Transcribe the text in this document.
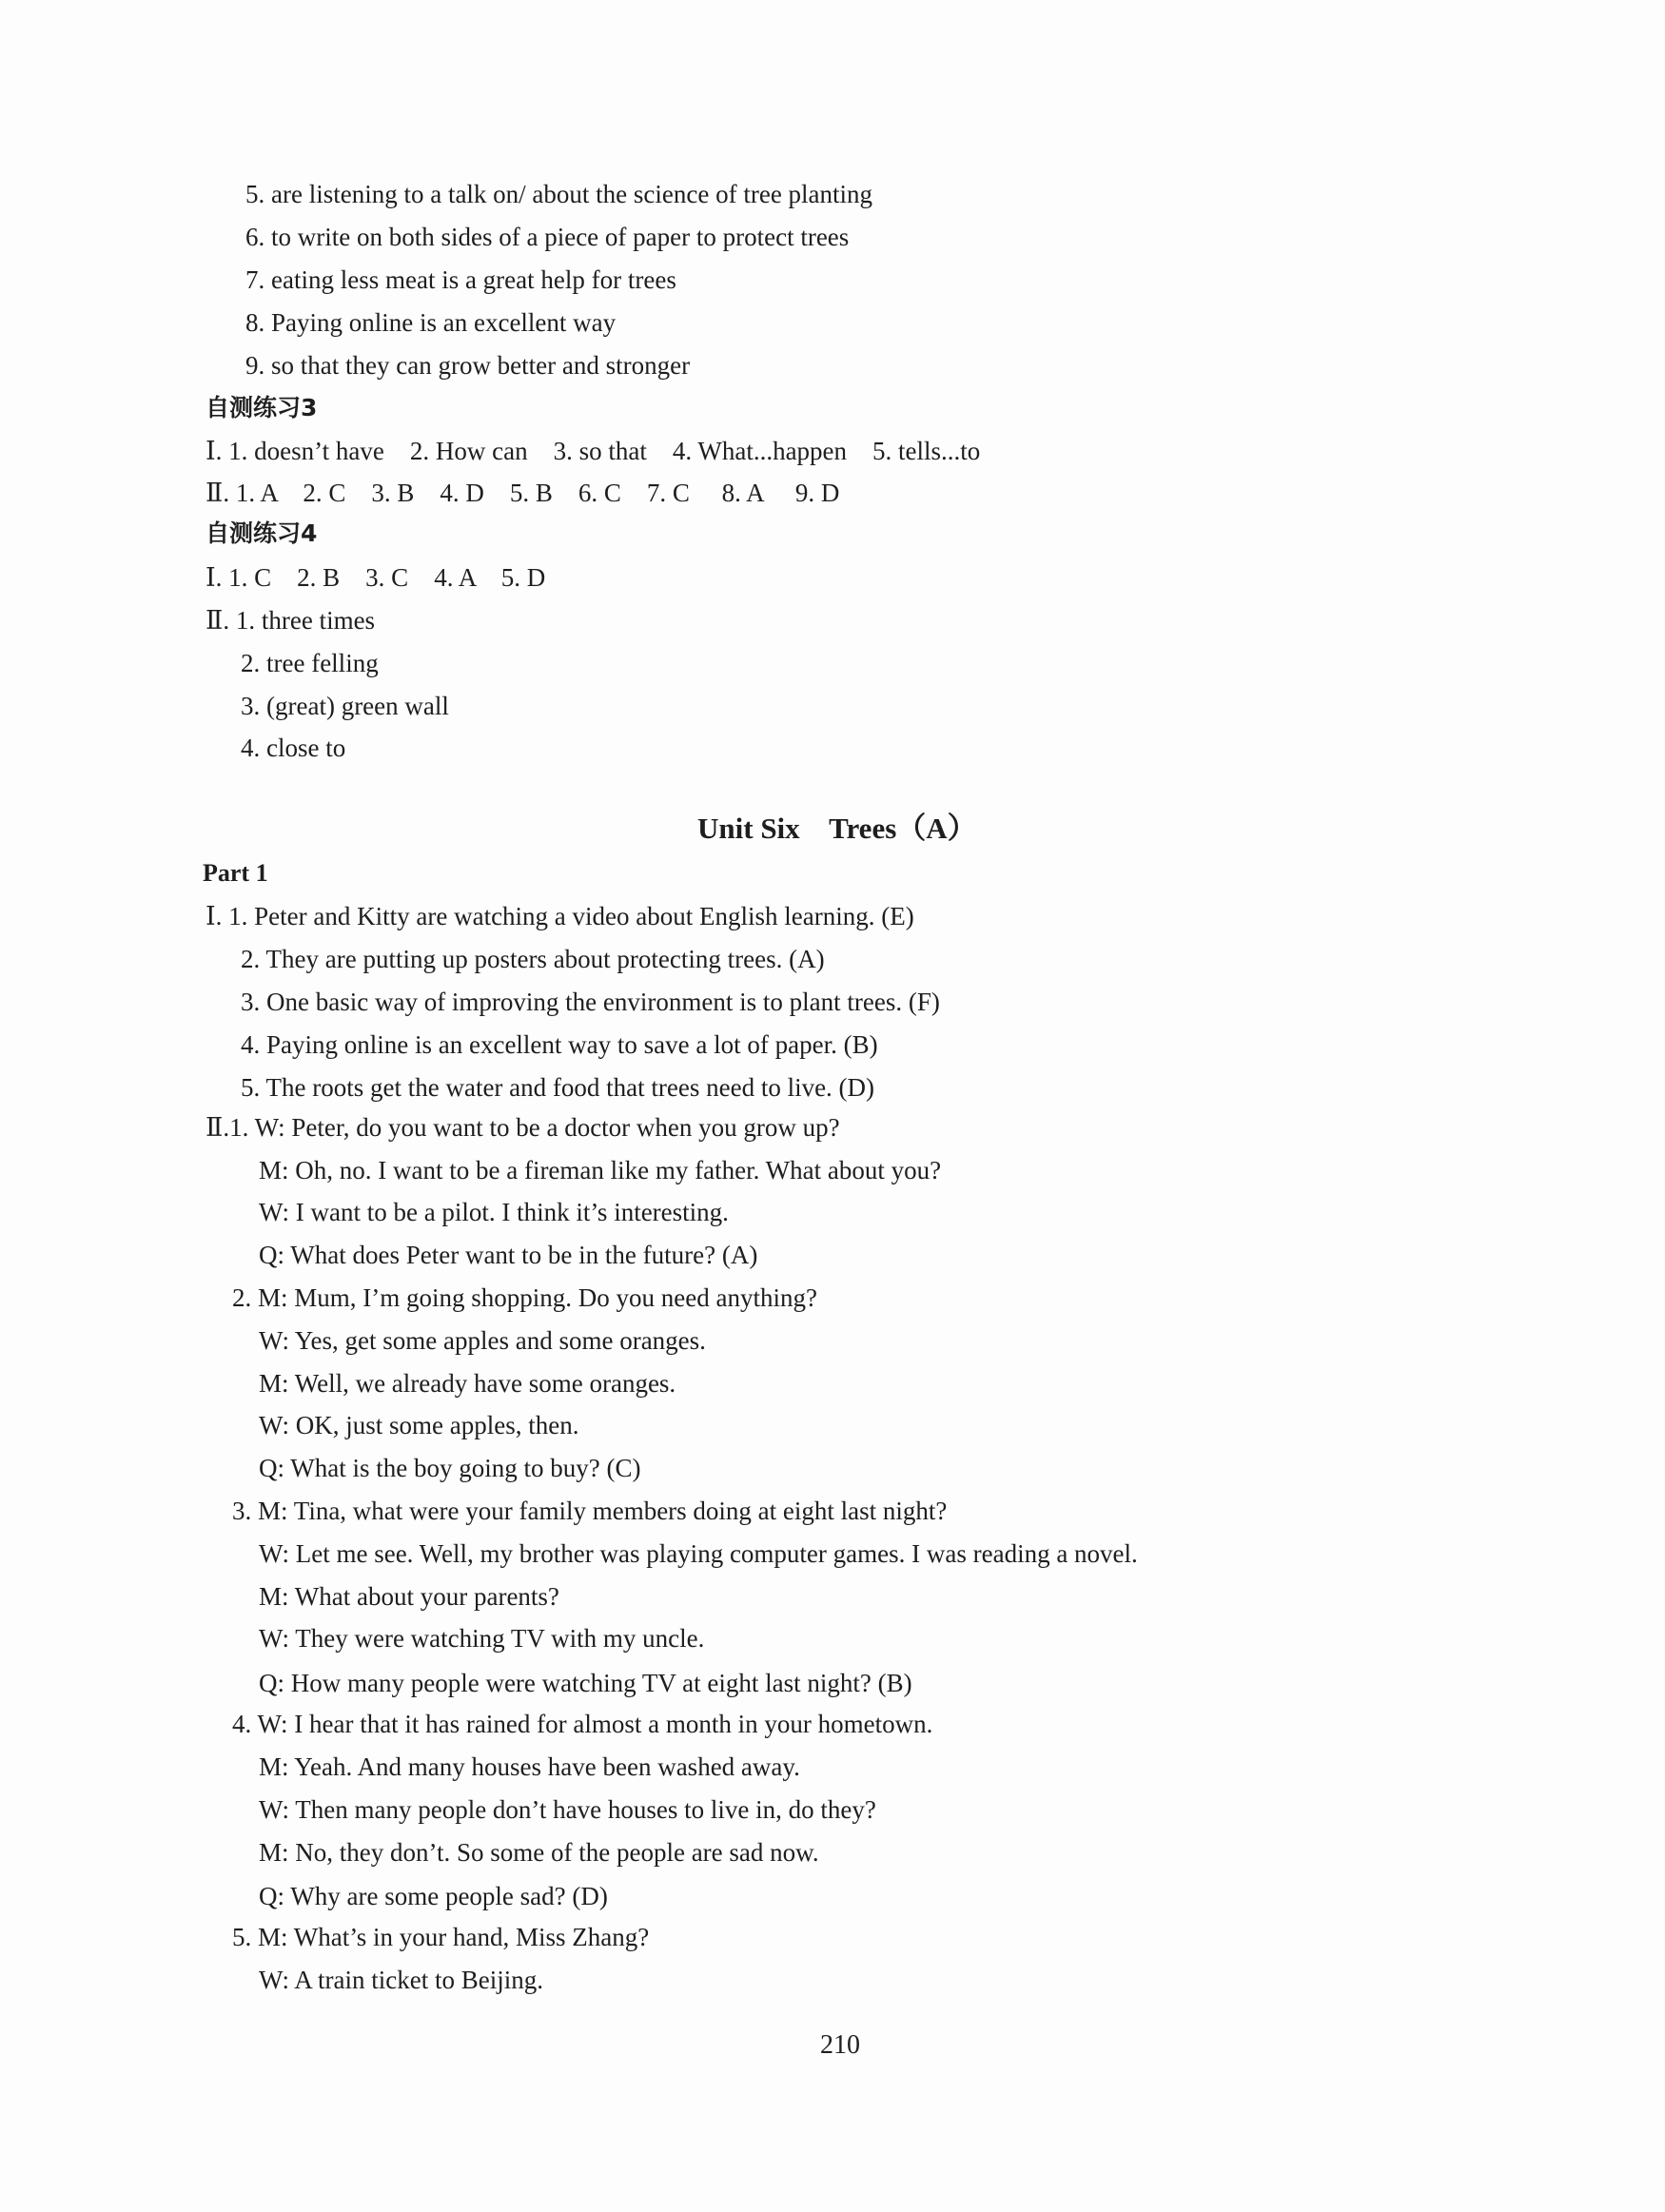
5. are listening to a talk on/ about the science of tree planting

6. to write on both sides of a piece of paper to protect trees

7. eating less meat is a great help for trees

8. Paying online is an excellent way

9. so that they can grow better and stronger

自测练习3

Ⅰ. 1. doesn’t have    2. How can    3. so that    4. What...happen    5. tells...to

Ⅱ. 1. A    2. C    3. B    4. D    5. B    6. C    7. C     8. A     9. D

自测练习4

Ⅰ. 1. C    2. B    3. C    4. A    5. D

Ⅱ. 1. three times

2. tree felling

3. (great) green wall

4. close to

Unit Six    Trees（A）
Part 1

Ⅰ. 1. Peter and Kitty are watching a video about English learning. (E)

2. They are putting up posters about protecting trees. (A)

3. One basic way of improving the environment is to plant trees. (F)

4. Paying online is an excellent way to save a lot of paper. (B)

5. The roots get the water and food that trees need to live. (D)

Ⅱ.1. W: Peter, do you want to be a doctor when you grow up?

M: Oh, no. I want to be a fireman like my father. What about you?

W: I want to be a pilot. I think it’s interesting.

Q: What does Peter want to be in the future? (A)

2. M: Mum, I’m going shopping. Do you need anything?

W: Yes, get some apples and some oranges.

M: Well, we already have some oranges.

W: OK, just some apples, then.

Q: What is the boy going to buy? (C)

3. M: Tina, what were your family members doing at eight last night?

W: Let me see. Well, my brother was playing computer games. I was reading a novel.

M: What about your parents?

W: They were watching TV with my uncle.

Q: How many people were watching TV at eight last night? (B)

4. W: I hear that it has rained for almost a month in your hometown.

M: Yeah. And many houses have been washed away.

W: Then many people don’t have houses to live in, do they?

M: No, they don’t. So some of the people are sad now.

Q: Why are some people sad? (D)

5. M: What’s in your hand, Miss Zhang?

W: A train ticket to Beijing.

210
